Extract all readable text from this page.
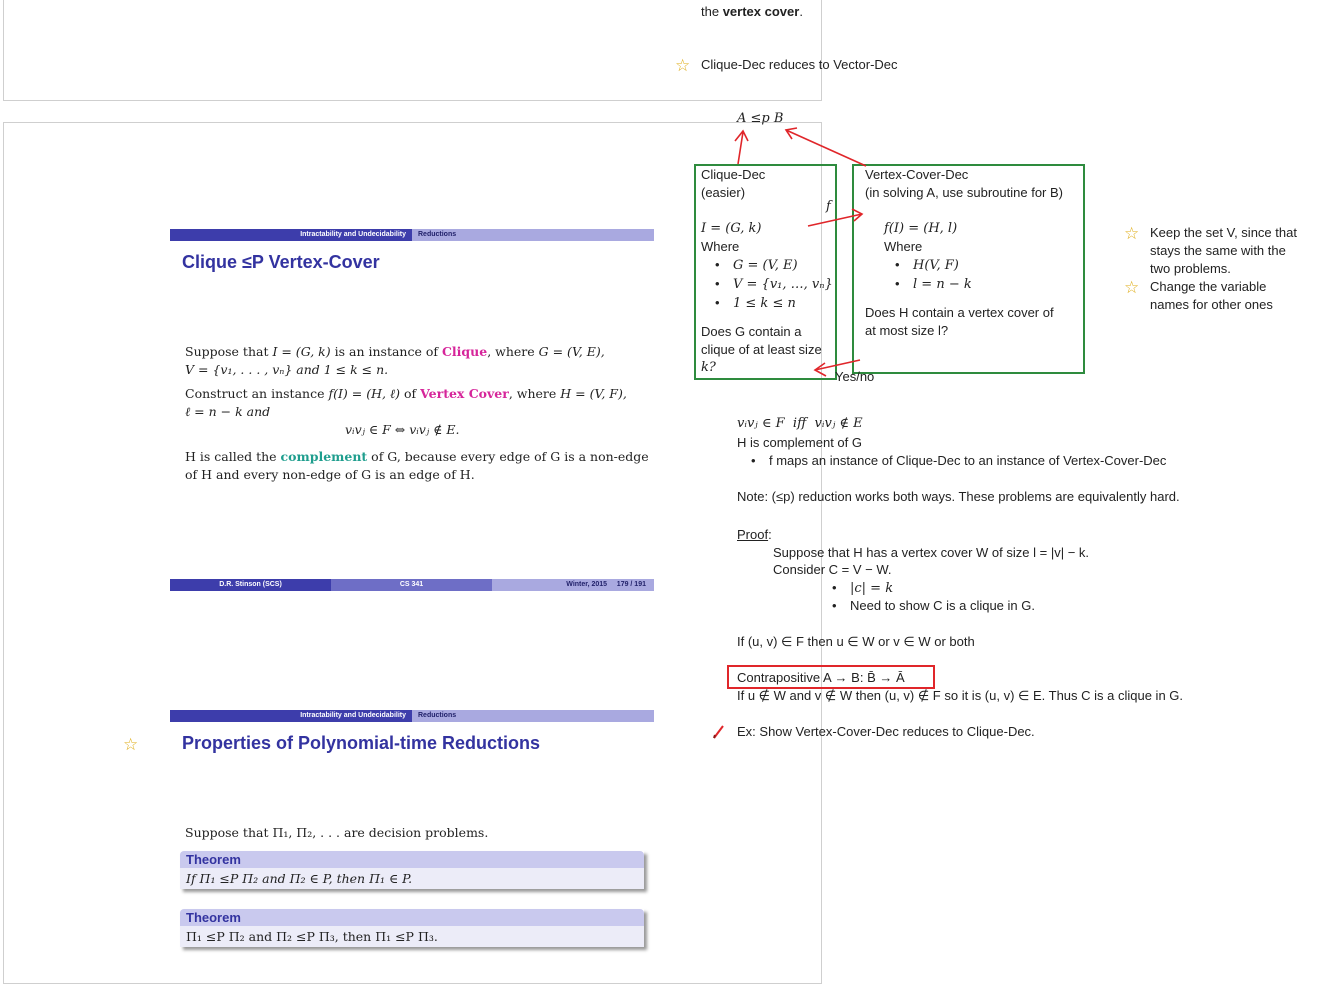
the vertex cover.
☆ Clique-Dec reduces to Vector-Dec
Intractability and Undecidability	Reductions
Clique ≤P Vertex-Cover
Suppose that I = (G, k) is an instance of Clique, where G = (V, E),
V = {v₁, . . . , vₙ} and 1 ≤ k ≤ n.
Construct an instance f(I) = (H, ℓ) of Vertex Cover, where H = (V, F),
ℓ = n − k and
vᵢvⱼ ∈ F ⇔ vᵢvⱼ ∉ E.
H is called the complement of G, because every edge of G is a non-edge
of H and every non-edge of G is an edge of H.
D.R. Stinson (SCS)	CS 341	Winter, 2015     179 / 191
Intractability and Undecidability	Reductions
☆ Properties of Polynomial-time Reductions
Suppose that Π₁, Π₂, . . . are decision problems.
Theorem
If Π₁ ≤P Π₂ and Π₂ ∈ P, then Π₁ ∈ P.
Theorem
Π₁ ≤P Π₂ and Π₂ ≤P Π₃, then Π₁ ≤P Π₃.
A ≤p B
Clique-Dec
(easier)
I = (G, k)
Where
• G = (V, E)
• V = {v₁, …, vₙ}
• 1 ≤ k ≤ n
Does G contain a
clique of at least size
k?
Vertex-Cover-Dec
(in solving A, use subroutine for B)
f(I) = (H, l)
Where
• H(V, F)
• l = n − k
Does H contain a vertex cover of
at most size l?
f
Yes/no
☆ Keep the set V, since that
stays the same with the
two problems.
☆ Change the variable
names for other ones
vᵢvⱼ ∈ F  iff  vᵢvⱼ ∉ E
H is complement of G
• f maps an instance of Clique-Dec to an instance of Vertex-Cover-Dec
Note: (≤p) reduction works both ways. These problems are equivalently hard.
Proof:
Suppose that H has a vertex cover W of size l = |v| − k.
Consider C = V − W.
• |c| = k
• Need to show C is a clique in G.
If (u, v) ∈ F then u ∈ W or v ∈ W or both
Contrapositive A → B: B̄ → Ā
If u ∉ W and v ∉ W then (u, v) ∉ F so it is (u, v) ∈ E. Thus C is a clique in G.
Ex: Show Vertex-Cover-Dec reduces to Clique-Dec.
